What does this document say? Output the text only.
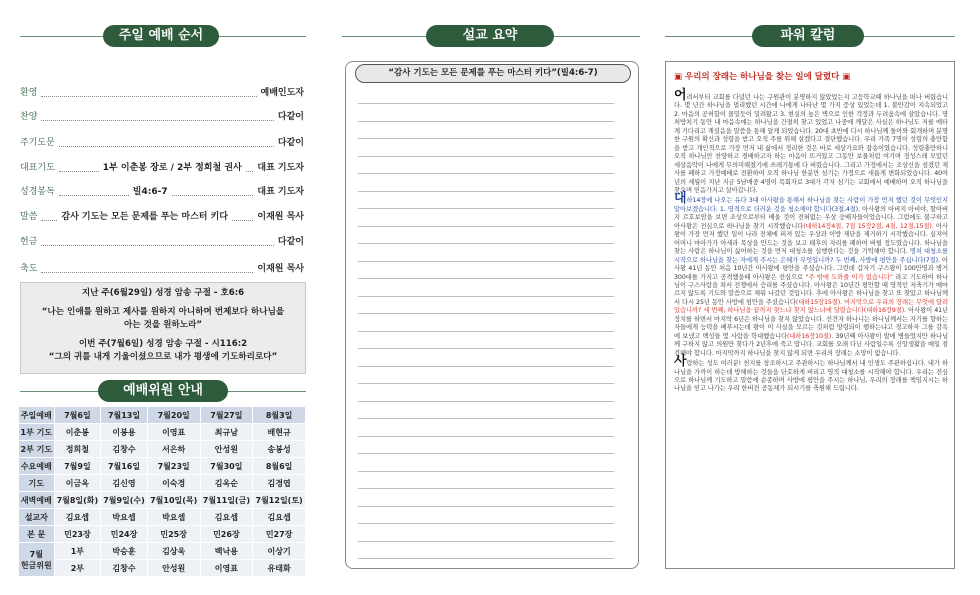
주일 예배 순서
환영	예배인도자
찬양	다같이
주기도문	다같이
대표기도	1부 이춘봉 장로 / 2부 정희철 권사 대표 기도자
성경봉독	빌4:6-7	대표 기도자
말씀	감사 기도는 모든 문제를 푸는 마스터 키다	이재원 목사
헌금	다같이
축도	이재원 목사
지난 주(6월29일) 성경 암송 구절 - 호6:6
“나는 인애를 원하고 제사를 원하지 아니하며 번제보다 하나님을
아는 것을 원하노라”
이번 주(7월6일) 성경 암송 구절 - 시116:2
“그의 귀를 내게 기울이셨으므로 내가 평생에 기도하리로다”
예배위원 안내
주일예배	7월6일	7월13일	7월20일	7월27일	8월3일
1부 기도	이춘봉	이봉용	이영표	최규남	배현규
2부 기도	정희철	김창수	서은하	안성원	송봉성
수요예배	7월9일	7월16일	7월23일	7월30일	8월6일
기도	이금옥	김신영	이숙경	김옥순	김경엽
새벽예배	7월8일(화)	7월9일(수)	7월10일(목)	7월11일(금)	7월12일(토)
설교자	김요셉	박요셉	박요셉	김요셉	김요셉
본 문	민23장	민24장	민25장	민26장	민27장

7월
헌금위원	1부	박승훈	김상욱	백낙용	이상기
	2부	김창수	안성원	이영표	유태화
설교 요약
“감사 기도는 모든 문제를 푸는 마스터 키다”(빌4:6-7)
파워 칼럼
▣ 우리의 장래는 하나님을 찾는 일에 달렸다 ▣

어려서부터 교회를 다녔던 나는 구원관이 분명하지 않았었는지 고등학교때 하나님을 떠나 버렸습니다. 몇 년간 하나님을 멀리했던 시간에 나에게 나타난 몇 가지 증상 있었는데 1. 불안감이 지속되었고 2. 마음의 공허함이 몰밀듯이 밀려왔고 3. 현실의 높은 벽으로 인한 걱정과 두려움속에 살았습니다. 명처방처기 동안 내 마음속에는 하나님을 간절히 찾고 있었고 나중에 깨달은 사실은 하나님도 저를 애타게 기다리고 계셨음을 말씀을 통해 알게 되었습니다. 20대 초반에 다시 하나님께 돌아와 회개하며 분명한 구원의 확신과 성령을 받고 오직 주를 위해 살겠다고 결단했습니다. 우리 가족 7명이 성령의 충만함을 받고 개인적으로 가장 먼저 내 삶에서 정리한 것은 바로 세상가요와 잡송이였습니다. 성령충만하니 오직 하나님만 찬양하고 경배하고자 하는 마음이 뜨거웠고 그동안 보물처럼 여기며 정성스레 모았던 세상음악이 나에게 무의미해졌기에 쓰레기통에 다 버렸습니다. 그리고 가정에서는 조상신을 섬겼던 제사를 폐하고 가정예배로 전환하여 오직 하나님 한분만 섬기는 가정으로 새롭게 변화되었습니다. 40여년의 세월이 지난 지금 5남매중 4명이 목회자로 3대가 각자 섬기는 교회에서 예배하며 오직 하나님을 찾으며 믿음가지고 살아갑니다.

대하14장에 나오는 유다 3대 아사왕을 통해서 하나님을 찾는 사람이 가장 먼저 했던 것이 무엇인지 알아보겠습니다. 1. 영적으로 더러운 것을 청소해야 합니다(3절,4절). 아사왕의 아버지 아비야, 할아버지 르호보암을 보면 조상으로부터 배울 것이 전혀없는 우상 숭배자들이었습니다. 그럼에도 불구하고 아사왕은 전심으로 하나님을 찾기 시작했습니다(대하14장4절, 7절 15장2절, 4절, 12절,15절). 아사왕이 가장 먼저 했던 일이 나라 전체에 퍼져 있는 우상과 이방 제단을 제거하기 시작했습니다. 심지어 어머니 마아가가 아세라 목상을 만드는 것을 보고 태후의 자리를 폐하여 버릴 정도였습니다. 하나님을 찾는 사람은 하나님이 싫어하는 것을 먼저 대청소를 실행한다는 것을 기억해야 합니다. 명처 대청소를 시작으로 하나님을 찾는 자에게 주시는 은혜가 무엇입니까? 두 번째, 사방에 평안을 주십니다(7절). 아사왕 41년 동안 처음 10년간 아사왕에 평안을 주셨습니다. 그런데 갑자기 구스왕이 100만명과 병거 300대를 가지고 공격했을때 아사왕은 전심으로 “주 밖에 도와줄 이가 없습니다” 라고 기도하여 하나님이 구스사람을 쳐서 전쟁에서 승리를 주셨습니다. 아사왕은 10년간 평안할 때 영적인 저축기가 메마르지 않도록 기도와 말씀으로 채워 나갔던 것입니다. 후에 아사왕은 하나님을 찾고 또 찾았고 하나님께서 다시 25년 동안 사방에 평안을 주셨습니다(대하15장15절). 마지막으로 우리의 장래는 무엇에 달려 있습니까? 세 번째, 하나님을 끝까지 찾느냐 찾지 않느냐에 달렸습니다(대하16장9절). 아사왕이 41년 정치를 하면서 마지막 6년은 하나님을 찾지 않았습니다. 선견자 하나니는 하나님께서는 자기를 향하는 자들에게 능력을 베푸시는데 왕이 이 사실을 모르는 것처럼 망령되이 행하는냐고 경고하자 그를 감옥에 보냈고 백성들 몇 사람을 학대했습니다(대하16장10절). 39년째 아사왕이 발에 병들었지만 하나님께 구하지 않고 의원만 찾다가 2년후에 죽고 맙니다. 교회를 오래 다닌 사람일수록 신앙생활을 매일 점검해야 합니다. 마지막까지 하나님을 찾지 않게 되면 우리의 장래는 소망이 없습니다.

사랑하는 성도 여러분! 천지를 창조하시고 주관하시는 하나님께서 내 인생도 주관하십니다. 내가 하나님을 가까이 하는데 방해하는 것들을 단호하게 버리고 영적 대청소를 시작해야 합니다. 우리는 전심으로 하나님께 기도하고 말씀에 순종하며 사방에 평안을 주시는 하나님, 우리의 장래를 책임지시는 하나님을 믿고 나가는 우리 한버전 공동체가 되시기를 축원해 드립니다.
